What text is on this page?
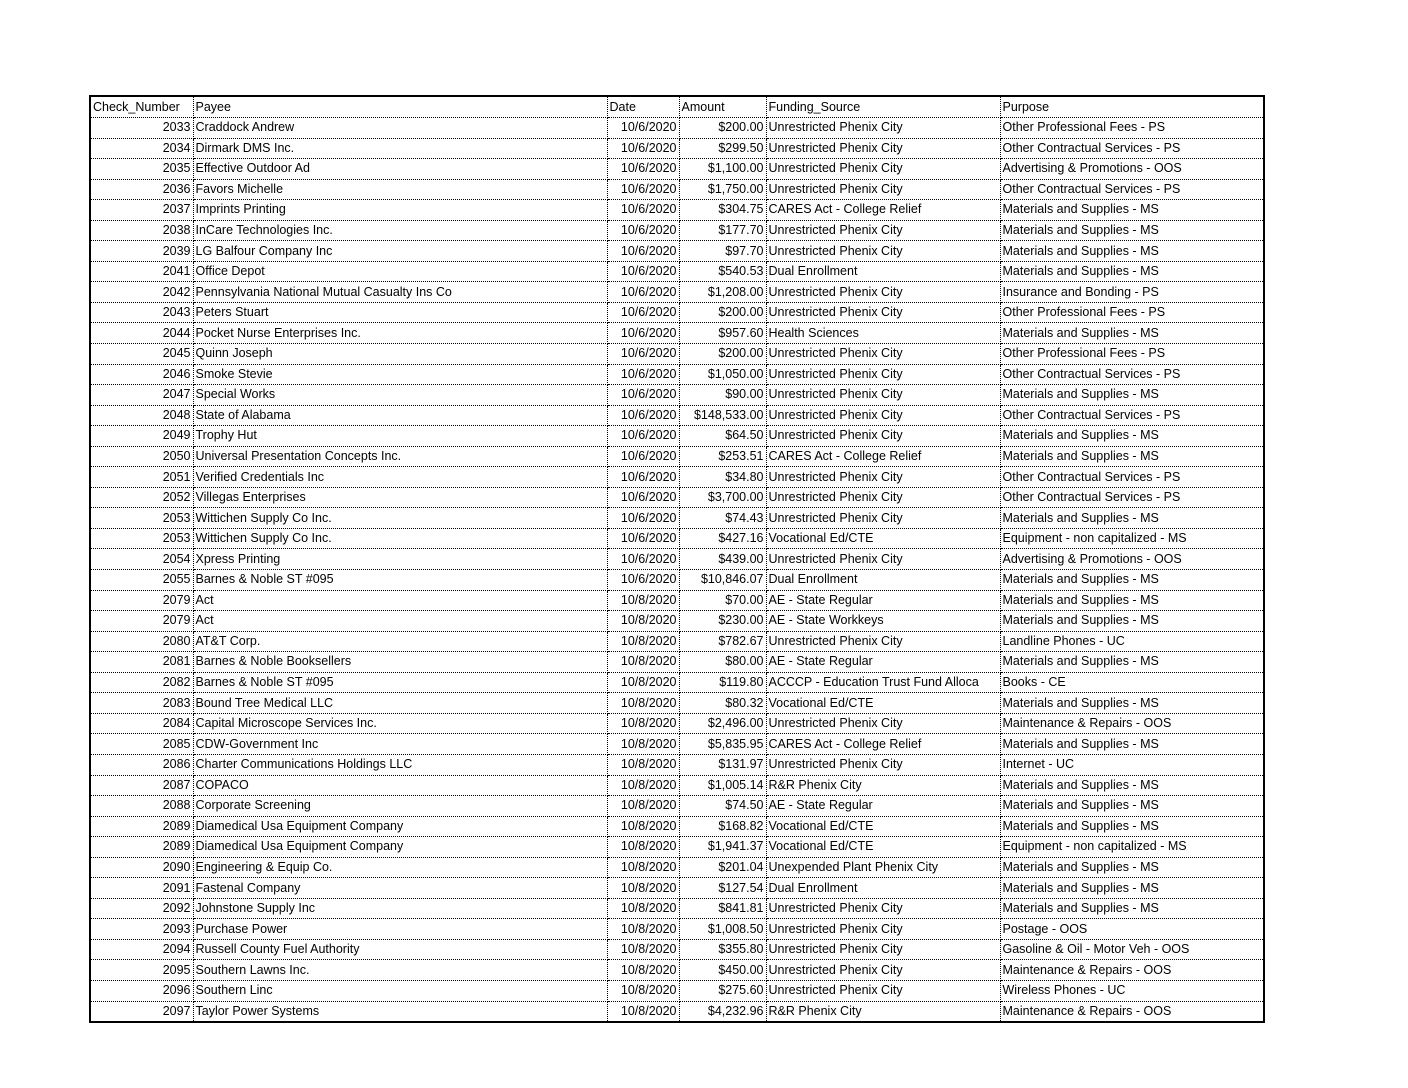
Check_Number	Payee	Date	Amount	Funding_Source	Purpose
2033	Craddock Andrew	10/6/2020	$200.00	Unrestricted Phenix City	Other Professional Fees - PS
2034	Dirmark DMS Inc.	10/6/2020	$299.50	Unrestricted Phenix City	Other Contractual Services - PS
2035	Effective Outdoor Ad	10/6/2020	$1,100.00	Unrestricted Phenix City	Advertising & Promotions - OOS
2036	Favors Michelle	10/6/2020	$1,750.00	Unrestricted Phenix City	Other Contractual Services - PS
2037	Imprints Printing	10/6/2020	$304.75	CARES Act - College Relief	Materials and Supplies - MS
2038	InCare Technologies Inc.	10/6/2020	$177.70	Unrestricted Phenix City	Materials and Supplies - MS
2039	LG Balfour Company Inc	10/6/2020	$97.70	Unrestricted Phenix City	Materials and Supplies - MS
2041	Office Depot	10/6/2020	$540.53	Dual Enrollment	Materials and Supplies - MS
2042	Pennsylvania National Mutual Casualty Ins Co	10/6/2020	$1,208.00	Unrestricted Phenix City	Insurance and Bonding - PS
2043	Peters Stuart	10/6/2020	$200.00	Unrestricted Phenix City	Other Professional Fees - PS
2044	Pocket Nurse Enterprises Inc.	10/6/2020	$957.60	Health Sciences	Materials and Supplies - MS
2045	Quinn Joseph	10/6/2020	$200.00	Unrestricted Phenix City	Other Professional Fees - PS
2046	Smoke Stevie	10/6/2020	$1,050.00	Unrestricted Phenix City	Other Contractual Services - PS
2047	Special Works	10/6/2020	$90.00	Unrestricted Phenix City	Materials and Supplies - MS
2048	State of Alabama	10/6/2020	$148,533.00	Unrestricted Phenix City	Other Contractual Services - PS
2049	Trophy Hut	10/6/2020	$64.50	Unrestricted Phenix City	Materials and Supplies - MS
2050	Universal Presentation Concepts Inc.	10/6/2020	$253.51	CARES Act - College Relief	Materials and Supplies - MS
2051	Verified Credentials Inc	10/6/2020	$34.80	Unrestricted Phenix City	Other Contractual Services - PS
2052	Villegas Enterprises	10/6/2020	$3,700.00	Unrestricted Phenix City	Other Contractual Services - PS
2053	Wittichen Supply Co Inc.	10/6/2020	$74.43	Unrestricted Phenix City	Materials and Supplies - MS
2053	Wittichen Supply Co Inc.	10/6/2020	$427.16	Vocational Ed/CTE	Equipment - non capitalized - MS
2054	Xpress Printing	10/6/2020	$439.00	Unrestricted Phenix City	Advertising & Promotions - OOS
2055	Barnes & Noble ST #095	10/6/2020	$10,846.07	Dual Enrollment	Materials and Supplies - MS
2079	Act	10/8/2020	$70.00	AE - State Regular	Materials and Supplies - MS
2079	Act	10/8/2020	$230.00	AE - State Workkeys	Materials and Supplies - MS
2080	AT&T Corp.	10/8/2020	$782.67	Unrestricted Phenix City	Landline Phones - UC
2081	Barnes & Noble Booksellers	10/8/2020	$80.00	AE - State Regular	Materials and Supplies - MS
2082	Barnes & Noble ST #095	10/8/2020	$119.80	ACCCP - Education Trust Fund Alloca	Books - CE
2083	Bound Tree Medical LLC	10/8/2020	$80.32	Vocational Ed/CTE	Materials and Supplies - MS
2084	Capital Microscope Services Inc.	10/8/2020	$2,496.00	Unrestricted Phenix City	Maintenance & Repairs - OOS
2085	CDW-Government Inc	10/8/2020	$5,835.95	CARES Act - College Relief	Materials and Supplies - MS
2086	Charter Communications Holdings LLC	10/8/2020	$131.97	Unrestricted Phenix City	Internet - UC
2087	COPACO	10/8/2020	$1,005.14	R&R Phenix City	Materials and Supplies - MS
2088	Corporate Screening	10/8/2020	$74.50	AE - State Regular	Materials and Supplies - MS
2089	Diamedical Usa Equipment Company	10/8/2020	$168.82	Vocational Ed/CTE	Materials and Supplies - MS
2089	Diamedical Usa Equipment Company	10/8/2020	$1,941.37	Vocational Ed/CTE	Equipment - non capitalized - MS
2090	Engineering & Equip Co.	10/8/2020	$201.04	Unexpended Plant Phenix City	Materials and Supplies - MS
2091	Fastenal Company	10/8/2020	$127.54	Dual Enrollment	Materials and Supplies - MS
2092	Johnstone Supply Inc	10/8/2020	$841.81	Unrestricted Phenix City	Materials and Supplies - MS
2093	Purchase Power	10/8/2020	$1,008.50	Unrestricted Phenix City	Postage - OOS
2094	Russell County Fuel Authority	10/8/2020	$355.80	Unrestricted Phenix City	Gasoline & Oil - Motor Veh - OOS
2095	Southern Lawns Inc.	10/8/2020	$450.00	Unrestricted Phenix City	Maintenance & Repairs - OOS
2096	Southern Linc	10/8/2020	$275.60	Unrestricted Phenix City	Wireless Phones - UC
2097	Taylor Power Systems	10/8/2020	$4,232.96	R&R Phenix City	Maintenance & Repairs - OOS
